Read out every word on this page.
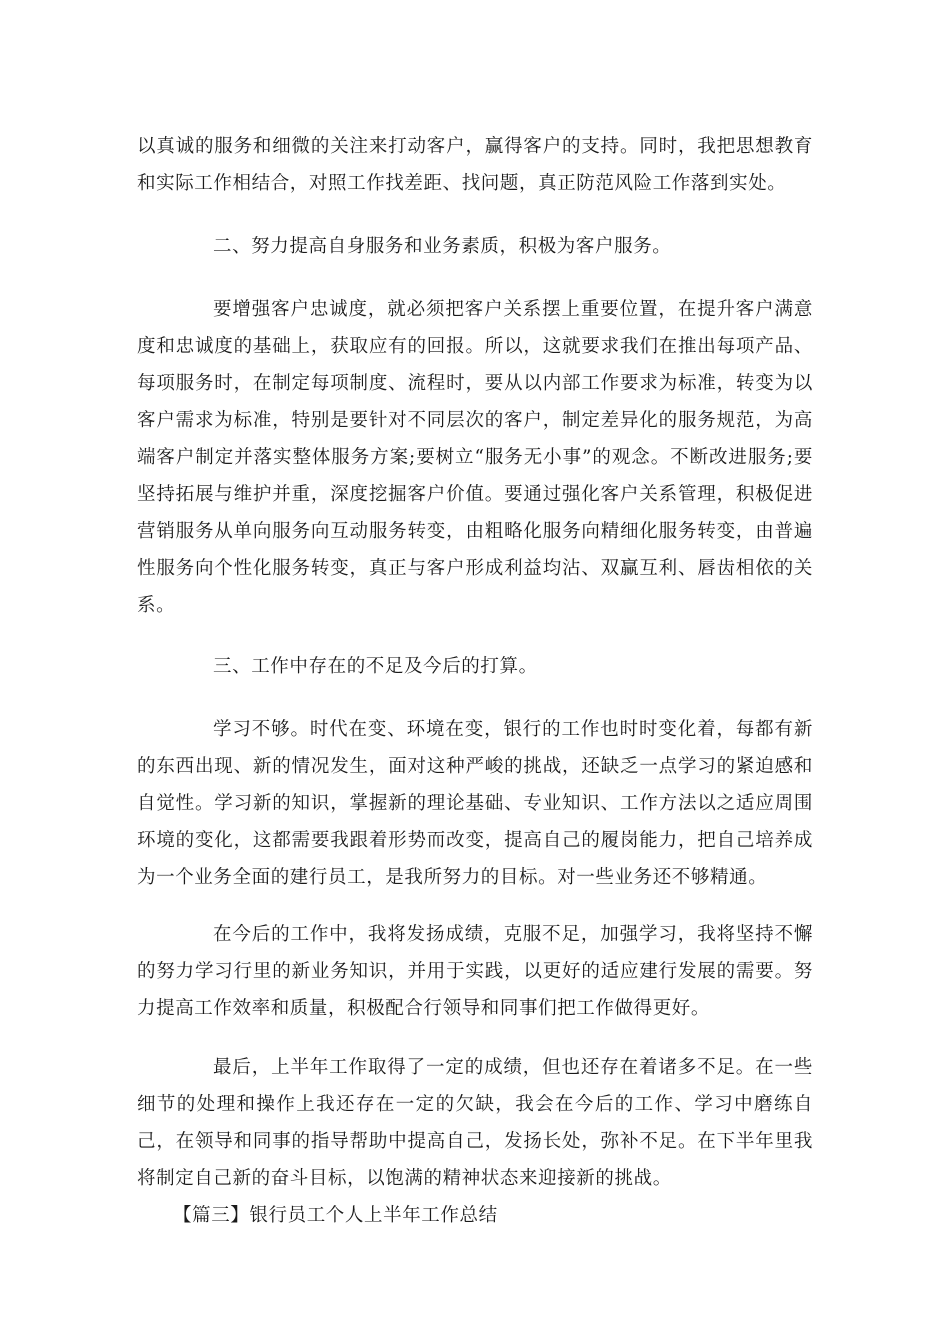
以真诚的服务和细微的关注来打动客户，赢得客户的支持。同时，我把思想教育和实际工作相结合，对照工作找差距、找问题，真正防范风险工作落到实处。

二、努力提高自身服务和业务素质，积极为客户服务。

要增强客户忠诚度，就必须把客户关系摆上重要位置，在提升客户满意度和忠诚度的基础上，获取应有的回报。所以，这就要求我们在推出每项产品、每项服务时，在制定每项制度、流程时，要从以内部工作要求为标准，转变为以客户需求为标准，特别是要针对不同层次的客户，制定差异化的服务规范，为高端客户制定并落实整体服务方案;要树立“服务无小事”的观念。不断改进服务;要坚持拓展与维护并重，深度挖掘客户价值。要通过强化客户关系管理，积极促进营销服务从单向服务向互动服务转变，由粗略化服务向精细化服务转变，由普遍性服务向个性化服务转变，真正与客户形成利益均沾、双赢互利、唇齿相依的关系。

三、工作中存在的不足及今后的打算。

学习不够。时代在变、环境在变，银行的工作也时时变化着，每都有新的东西出现、新的情况发生，面对这种严峻的挑战，还缺乏一点学习的紧迫感和自觉性。学习新的知识，掌握新的理论基础、专业知识、工作方法以之适应周围环境的变化，这都需要我跟着形势而改变，提高自己的履岗能力，把自己培养成为一个业务全面的建行员工，是我所努力的目标。对一些业务还不够精通。

在今后的工作中，我将发扬成绩，克服不足，加强学习，我将坚持不懈的努力学习行里的新业务知识，并用于实践，以更好的适应建行发展的需要。努力提高工作效率和质量，积极配合行领导和同事们把工作做得更好。

最后，上半年工作取得了一定的成绩，但也还存在着诸多不足。在一些细节的处理和操作上我还存在一定的欠缺，我会在今后的工作、学习中磨练自己，在领导和同事的指导帮助中提高自己，发扬长处，弥补不足。在下半年里我将制定自己新的奋斗目标，以饱满的精神状态来迎接新的挑战。

【篇三】银行员工个人上半年工作总结
